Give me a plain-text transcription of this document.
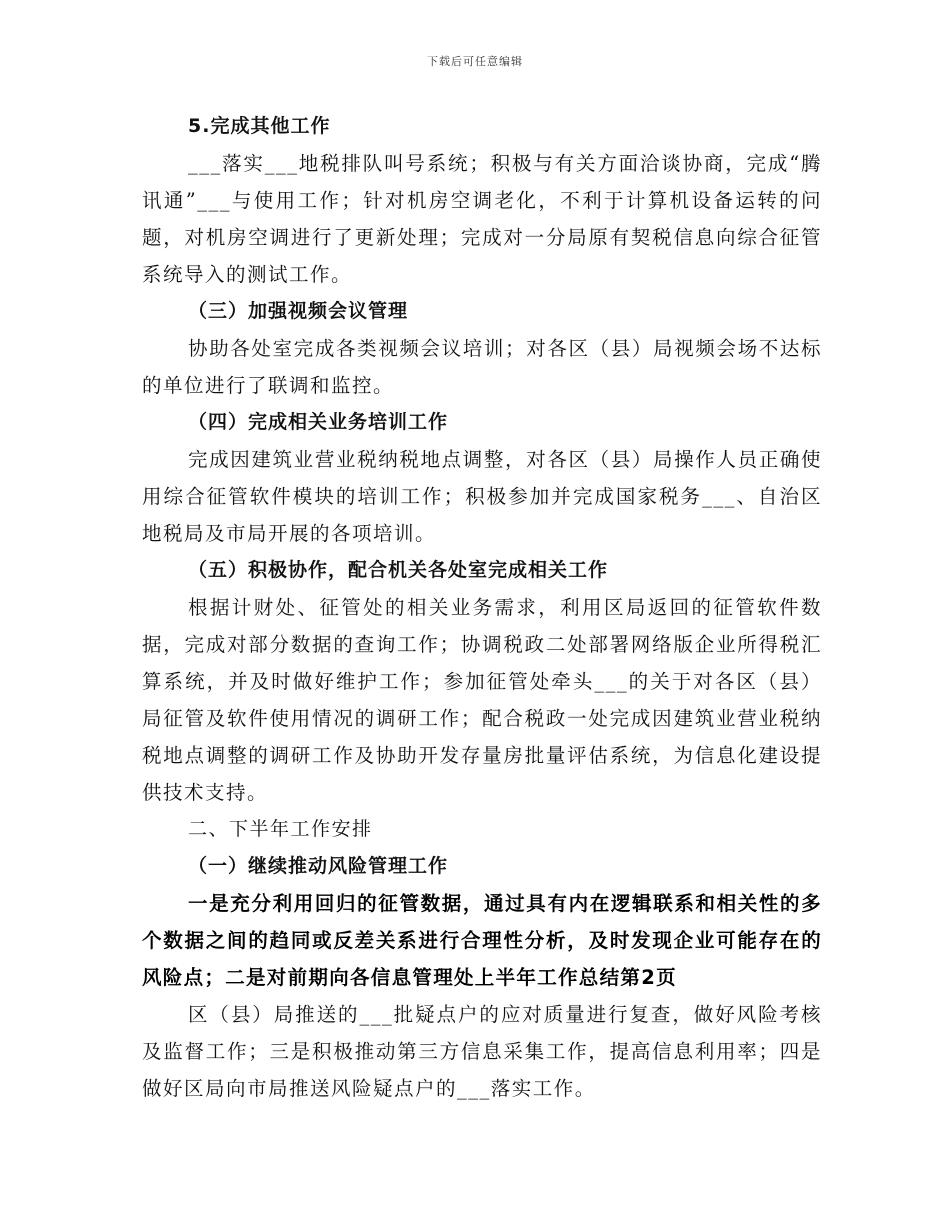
下载后可任意编辑

5.完成其他工作

___落实___地税排队叫号系统；积极与有关方面洽谈协商，完成“腾讯通”___与使用工作；针对机房空调老化，不利于计算机设备运转的问题，对机房空调进行了更新处理；完成对一分局原有契税信息向综合征管系统导入的测试工作。

（三）加强视频会议管理

协助各处室完成各类视频会议培训；对各区（县）局视频会场不达标的单位进行了联调和监控。

（四）完成相关业务培训工作

完成因建筑业营业税纳税地点调整，对各区（县）局操作人员正确使用综合征管软件模块的培训工作；积极参加并完成国家税务___、自治区地税局及市局开展的各项培训。

（五）积极协作，配合机关各处室完成相关工作

根据计财处、征管处的相关业务需求，利用区局返回的征管软件数据，完成对部分数据的查询工作；协调税政二处部署网络版企业所得税汇算系统，并及时做好维护工作；参加征管处牵头___的关于对各区（县）局征管及软件使用情况的调研工作；配合税政一处完成因建筑业营业税纳税地点调整的调研工作及协助开发存量房批量评估系统，为信息化建设提供技术支持。

二、下半年工作安排

（一）继续推动风险管理工作

一是充分利用回归的征管数据，通过具有内在逻辑联系和相关性的多个数据之间的趋同或反差关系进行合理性分析，及时发现企业可能存在的风险点；二是对前期向各信息管理处上半年工作总结第2页

区（县）局推送的___批疑点户的应对质量进行复查，做好风险考核及监督工作；三是积极推动第三方信息采集工作，提高信息利用率；四是做好区局向市局推送风险疑点户的___落实工作。
